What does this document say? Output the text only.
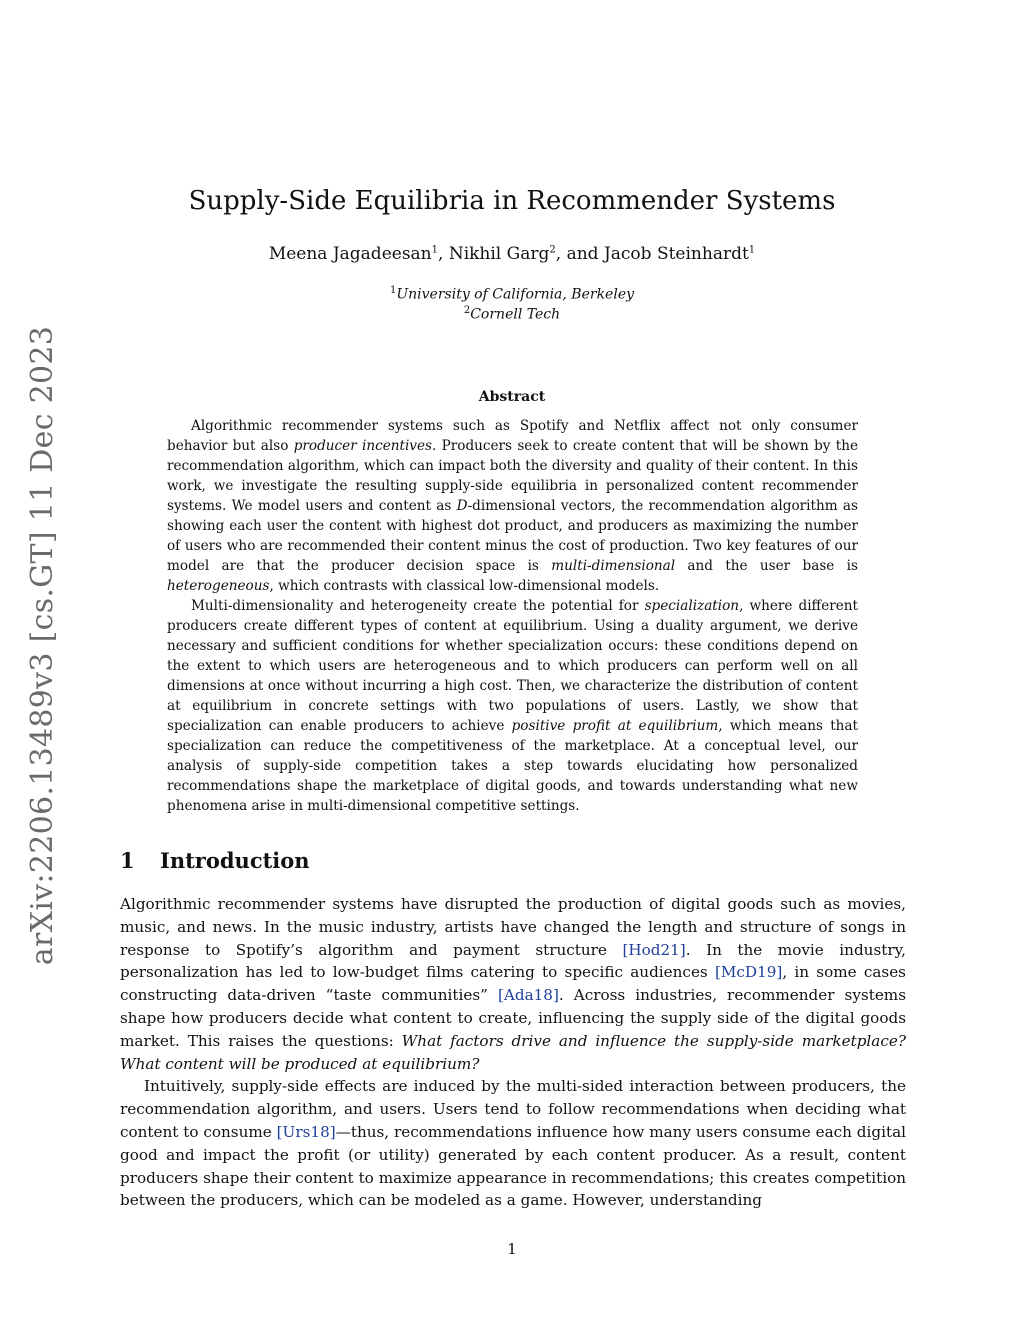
arXiv:2206.13489v3 [cs.GT] 11 Dec 2023
Supply-Side Equilibria in Recommender Systems
Meena Jagadeesan$^1$, Nikhil Garg$^2$, and Jacob Steinhardt$^1$
$^1$University of California, Berkeley
$^2$Cornell Tech
Abstract

Algorithmic recommender systems such as Spotify and Netflix affect not only consumer behavior but also producer incentives. Producers seek to create content that will be shown by the recommendation algorithm, which can impact both the diversity and quality of their content. In this work, we investigate the resulting supply-side equilibria in personalized content recommender systems. We model users and content as D-dimensional vectors, the recommendation algorithm as showing each user the content with highest dot product, and producers as maximizing the number of users who are recommended their content minus the cost of production. Two key features of our model are that the producer decision space is multi-dimensional and the user base is heterogeneous, which contrasts with classical low-dimensional models.

Multi-dimensionality and heterogeneity create the potential for specialization, where different producers create different types of content at equilibrium. Using a duality argument, we derive necessary and sufficient conditions for whether specialization occurs: these conditions depend on the extent to which users are heterogeneous and to which producers can perform well on all dimensions at once without incurring a high cost. Then, we characterize the distribution of content at equilibrium in concrete settings with two populations of users. Lastly, we show that specialization can enable producers to achieve positive profit at equilibrium, which means that specialization can reduce the competitiveness of the marketplace. At a conceptual level, our analysis of supply-side competition takes a step towards elucidating how personalized recommendations shape the marketplace of digital goods, and towards understanding what new phenomena arise in multi-dimensional competitive settings.

1 Introduction

Algorithmic recommender systems have disrupted the production of digital goods such as movies, music, and news. In the music industry, artists have changed the length and structure of songs in response to Spotify’s algorithm and payment structure [Hod21]. In the movie industry, personalization has led to low-budget films catering to specific audiences [McD19], in some cases constructing data-driven “taste communities” [Ada18]. Across industries, recommender systems shape how producers decide what content to create, influencing the supply side of the digital goods market. This raises the questions: What factors drive and influence the supply-side marketplace? What content will be produced at equilibrium?

Intuitively, supply-side effects are induced by the multi-sided interaction between producers, the recommendation algorithm, and users. Users tend to follow recommendations when deciding what content to consume [Urs18]—thus, recommendations influence how many users consume each digital good and impact the profit (or utility) generated by each content producer. As a result, content producers shape their content to maximize appearance in recommendations; this creates competition between the producers, which can be modeled as a game. However, understanding

1
